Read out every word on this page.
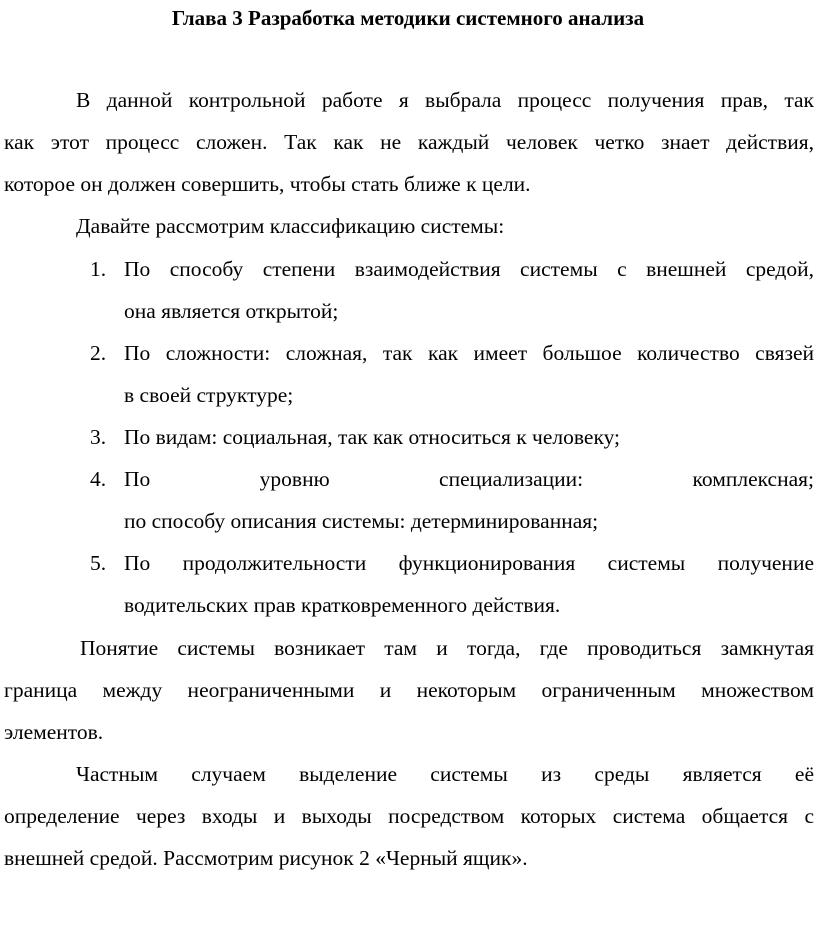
Глава 3 Разработка методики системного анализа
В данной контрольной работе я выбрала процесс получения прав, так
как этот процесс сложен. Так как не каждый человек четко знает действия,
которое он должен совершить, чтобы стать ближе к цели.
Давайте рассмотрим классификацию системы:
1. По способу степени взаимодействия системы с внешней средой,
она является открытой;
2. По сложности: сложная, так как имеет большое количество связей
в своей структуре;
3. По видам: социальная, так как относиться к человеку;
4. По уровню специализации: комплексная;
по способу описания системы: детерминированная;
5. По продолжительности функционирования системы получение
водительских прав кратковременного действия.
Понятие системы возникает там и тогда, где проводиться замкнутая
граница между неограниченными и некоторым ограниченным множеством
элементов.
Частным случаем выделение системы из среды является её
определение через входы и выходы посредством которых система общается с
внешней средой. Рассмотрим рисунок 2 «Черный ящик».
